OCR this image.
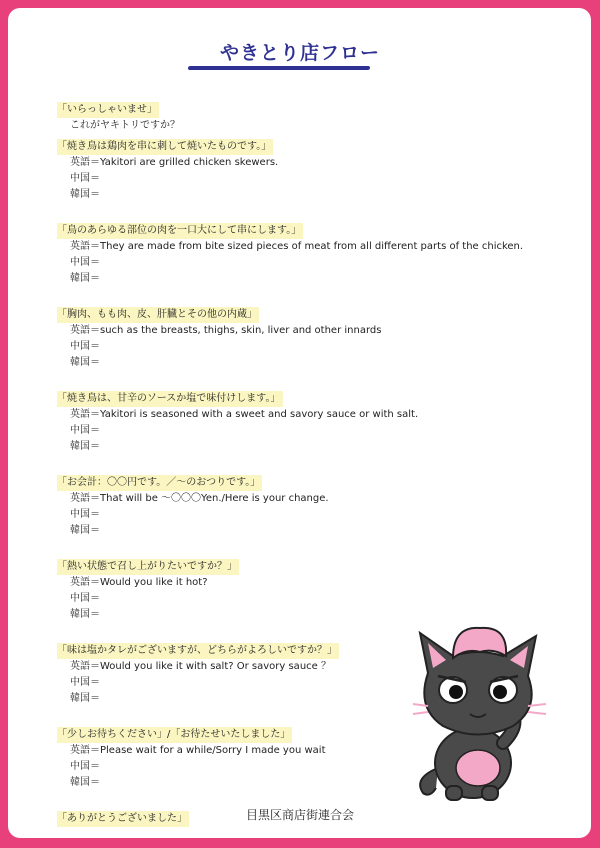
やきとり店フロー
「いらっしゃいませ」
これがヤキトリですか？
「焼き鳥は鶏肉を串に刺して焼いたものです。」
英語＝Yakitori are grilled chicken skewers.
中国＝
韓国＝
「鳥のあらゆる部位の肉を一口大にして串にします。」
英語＝They are made from bite sized pieces of meat from all different parts of the chicken.
中国＝
韓国＝
「胸肉、もも肉、皮、肝臓とその他の内蔵」
英語＝such as the breasts, thighs, skin, liver and other innards
中国＝
韓国＝
「焼き鳥は、甘辛のソースか塩で味付けします。」
英語＝Yakitori is seasoned with a sweet and savory sauce or with salt.
中国＝
韓国＝
「お会計：〇〇円です。／～のおつりです。」
英語＝That will be ～〇〇〇Yen./Here is your change.
中国＝
韓国＝
「熱い状態で召し上がりたいですか？」
英語＝Would you like it hot?
中国＝
韓国＝
「味は塩かタレがございますが、どちらがよろしいですか？」
英語＝Would you like it with salt? Or savory sauce ？
中国＝
韓国＝
「少しお待ちください」/「お待たせいたしました」
英語＝Please wait for a while/Sorry I made you wait
中国＝
韓国＝
「ありがとうございました」	目黒区商店街連合会
